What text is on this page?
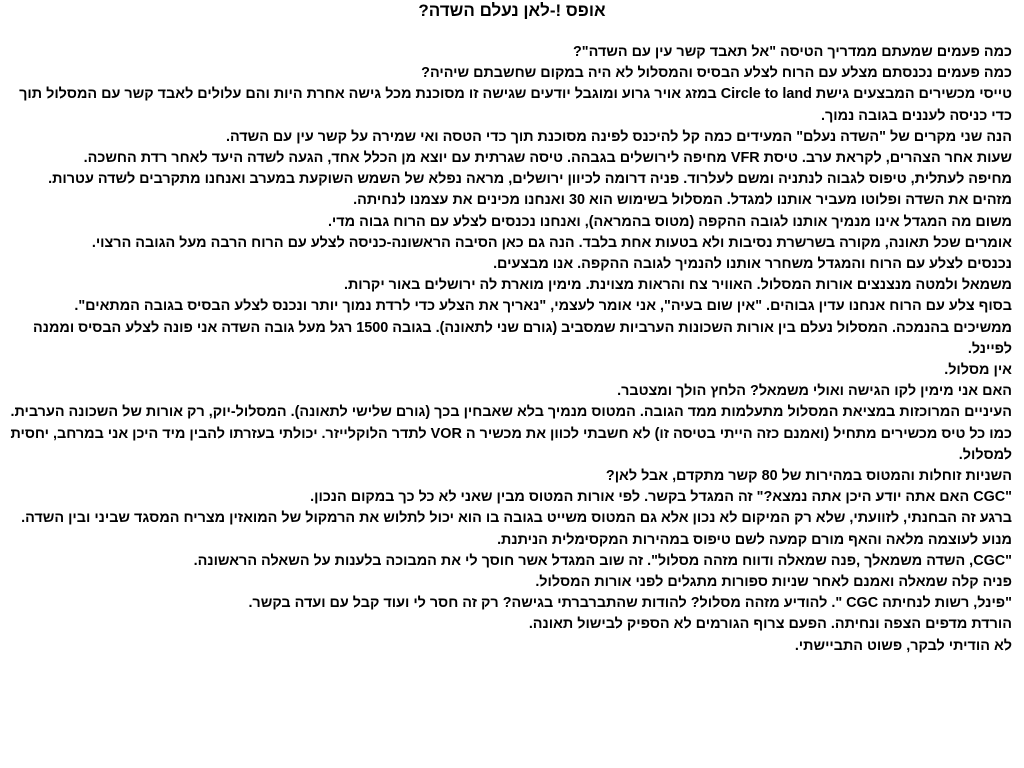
אופס !-לאן נעלם השדה?

כמה פעמים שמעתם ממדריך הטיסה "אל תאבד קשר עין עם השדה"?

כמה פעמים נכנסתם מצלע עם הרוח לצלע הבסיס והמסלול לא היה במקום שחשבתם שיהיה?

טייסי מכשירים המבצעים גישת Circle to land במזג אויר גרוע ומוגבל יודעים שגישה זו מסוכנת מכל גישה אחרת היות והם עלולים לאבד קשר עם המסלול תוך כדי כניסה לעננים בגובה נמוך.

הנה שני מקרים של "השדה נעלם" המעידים כמה קל להיכנס לפינה מסוכנת תוך כדי הטסה ואי שמירה על קשר עין עם השדה.

שעות אחר הצהרים, לקראת ערב. טיסת VFR מחיפה לירושלים בגבהה. טיסה שגרתית עם יוצא מן הכלל אחד, הגעה לשדה היעד לאחר רדת החשכה.

מחיפה לעתלית, טיפוס לגבוה לנתניה ומשם לעלרוד. פניה דרומה לכיוון ירושלים, מראה נפלא של השמש השוקעת במערב ואנחנו מתקרבים לשדה עטרות.

מזהים את השדה ופלוטו מעביר אותנו למגדל. המסלול בשימוש הוא 30 ואנחנו מכינים את עצמנו לנחיתה.

משום מה המגדל אינו מנמיך אותנו לגובה ההקפה (מטוס בהמראה), ואנחנו נכנסים לצלע עם הרוח גבוה מדי.

אומרים שכל תאונה, מקורה בשרשרת נסיבות ולא בטעות אחת בלבד. הנה גם כאן הסיבה הראשונה-כניסה לצלע עם הרוח הרבה מעל הגובה הרצוי.

נכנסים לצלע עם הרוח והמגדל משחרר אותנו להנמיך לגובה ההקפה. אנו מבצעים.

משמאל ולמטה מנצנצים אורות המסלול. האוויר צח והראות מצוינת. מימין מוארת לה ירושלים באור יקרות.

בסוף צלע עם הרוח אנחנו עדין גבוהים. "אין שום בעיה", אני אומר לעצמי, "נאריך את הצלע כדי לרדת נמוך יותר ונכנס לצלע הבסיס בגובה המתאים".

ממשיכים בהנמכה. המסלול נעלם בין אורות השכונות הערביות שמסביב (גורם שני לתאונה). בגובה 1500 רגל מעל גובה השדה אני פונה לצלע הבסיס וממנה לפיינל.

אין מסלול.

האם אני מימין לקו הגישה ואולי משמאל? הלחץ הולך ומצטבר.

העיניים המרוכזות במציאת המסלול מתעלמות ממד הגובה. המטוס מנמיך בלא שאבחין בכך (גורם שלישי לתאונה). המסלול-יוק, רק אורות של השכונה הערבית. כמו כל טיס מכשירים מתחיל (ואמנם כזה הייתי בטיסה זו) לא חשבתי לכוון את מכשיר ה VOR לתדר הלוקלייזר. יכולתי בעזרתו להבין מיד היכן אני במרחב, יחסית למסלול.

השניות זוחלות והמטוס במהירות של 80 קשר מתקדם, אבל לאן?

"CGC האם אתה יודע היכן אתה נמצא?" זה המגדל בקשר. לפי אורות המטוס מבין שאני לא כל כך במקום הנכון.

ברגע זה הבחנתי, לזוועתי, שלא רק המיקום לא נכון אלא גם המטוס משייט בגובה בו הוא יכול לתלוש את הרמקול של המואזין מצריח המסגד שביני ובין השדה.

מנוע לעוצמה מלאה והאף מורם קמעה לשם טיפוס במהירות המקסימלית הניתנת.

"CGC, השדה משמאלך ,פנה שמאלה ודווח מזהה מסלול". זה שוב המגדל אשר חוסך לי את המבוכה בלענות על השאלה הראשונה.

פניה קלה שמאלה ואמנם לאחר שניות ספורות מתגלים לפני אורות המסלול.

"פינל, רשות לנחיתה CGC ". להודיע מזהה מסלול? להודות שהתברברתי בגישה? רק זה חסר לי ועוד קבל עם ועדה בקשר.

הורדת מדפים הצפה ונחיתה. הפעם צרוף הגורמים לא הספיק לבישול תאונה.

לא הודיתי לבקר, פשוט התביישתי.
